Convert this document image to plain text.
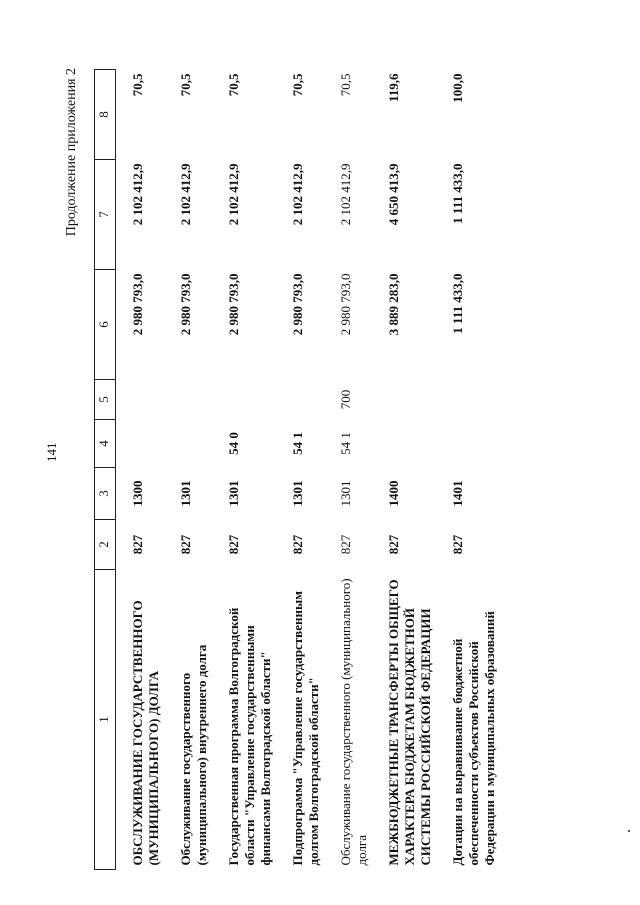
141
Продолжение приложения 2
1	2	3	4	5	6	7	8
ОБСЛУЖИВАНИЕ ГОСУДАРСТВЕННОГО (МУНИЦИПАЛЬНОГО) ДОЛГА	827	1300			2 980 793,0	2 102 412,9	70,5
Обслуживание государственного (муниципального) внутреннего долга	827	1301			2 980 793,0	2 102 412,9	70,5
Государственная программа Волгоградской области "Управление государственными финансами Волгоградской области"	827	1301	54 0		2 980 793,0	2 102 412,9	70,5
Подпрограмма "Управление государственным долгом Волгоградской области"	827	1301	54 1		2 980 793,0	2 102 412,9	70,5
Обслуживание государственного (муниципального) долга	827	1301	54 1	700	2 980 793,0	2 102 412,9	70,5
МЕЖБЮДЖЕТНЫЕ ТРАНСФЕРТЫ ОБЩЕГО ХАРАКТЕРА БЮДЖЕТАМ БЮДЖЕТНОЙ СИСТЕМЫ РОССИЙСКОЙ ФЕДЕРАЦИИ	827	1400			3 889 283,0	4 650 413,9	119,6
Дотации на выравнивание бюджетной обеспеченности субъектов Российской Федерации и муниципальных образований	827	1401			1 111 433,0	1 111 433,0	100,0
